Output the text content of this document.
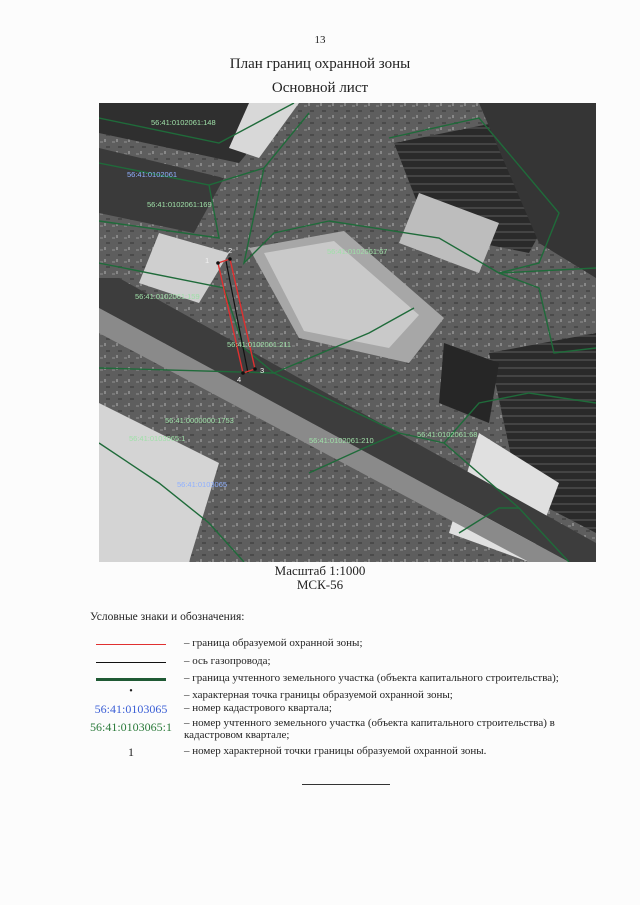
13
План границ охранной зоны
Основной лист
1
2
3
4
56:41:0102061
56:41:0103065
56:41:0102061:148
56:41:0102061:169
56:41:0102061:67
56:41:0102061:159
56:41:0102061:211
56:41:0000000:1753
56:41:0103065:1	56:41:0102061:210
56:41:0102061:68
Масштаб 1:1000
МСК-56
Условные знаки и обозначения:
– граница образуемой охранной зоны;
– ось газопровода;
– граница учтенного земельного участка (объекта капитального строительства);
•	– характерная точка границы образуемой охранной зоны;
56:41:0103065	– номер кадастрового квартала;
56:41:0103065:1 – номер учтенного земельного участка (объекта капитального строительства) в кадастровом квартале;
1	– номер характерной точки границы образуемой охранной зоны.
